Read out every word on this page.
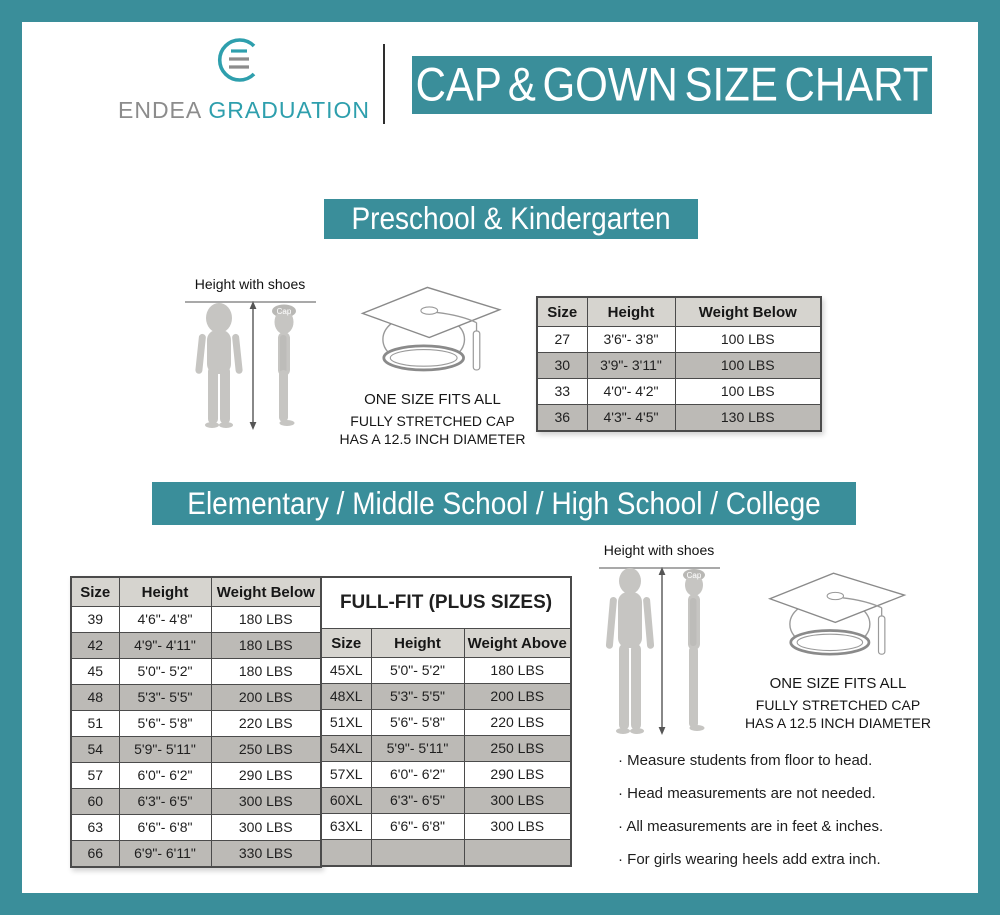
ENDEA GRADUATION CAP & GOWN SIZE CHART
Preschool & Kindergarten
Height with shoes
Cap
ONE SIZE FITS ALL
FULLY STRETCHED CAP
HAS A 12.5 INCH DIAMETER
Size	Height	Weight Below
27	3'6"- 3'8"	100 LBS
30	3'9"- 3'11"	100 LBS
33	4'0"- 4'2"	100 LBS
36	4'3"- 4'5"	130 LBS
Elementary / Middle School / High School / College
Size	Height	Weight Below
39	4'6"- 4'8"	180 LBS
42	4'9"- 4'11"	180 LBS
45	5'0"- 5'2"	180 LBS
48	5'3"- 5'5"	200 LBS
51	5'6"- 5'8"	220 LBS
54	5'9"- 5'11"	250 LBS
57	6'0"- 6'2"	290 LBS
60	6'3"- 6'5"	300 LBS
63	6'6"- 6'8"	300 LBS
66	6'9"- 6'11"	330 LBS
FULL-FIT (PLUS SIZES)		
Size	Height	Weight Above
45XL	5'0"- 5'2"	180 LBS
48XL	5'3"- 5'5"	200 LBS
51XL	5'6"- 5'8"	220 LBS
54XL	5'9"- 5'11"	250 LBS
57XL	6'0"- 6'2"	290 LBS
60XL	6'3"- 6'5"	300 LBS
63XL	6'6"- 6'8"	300 LBS

Height with shoes
Cap
ONE SIZE FITS ALL
FULLY STRETCHED CAP
HAS A 12.5 INCH DIAMETER
· Measure students from floor to head.
· Head measurements are not needed.
· All measurements are in feet & inches.
· For girls wearing heels add extra inch.
